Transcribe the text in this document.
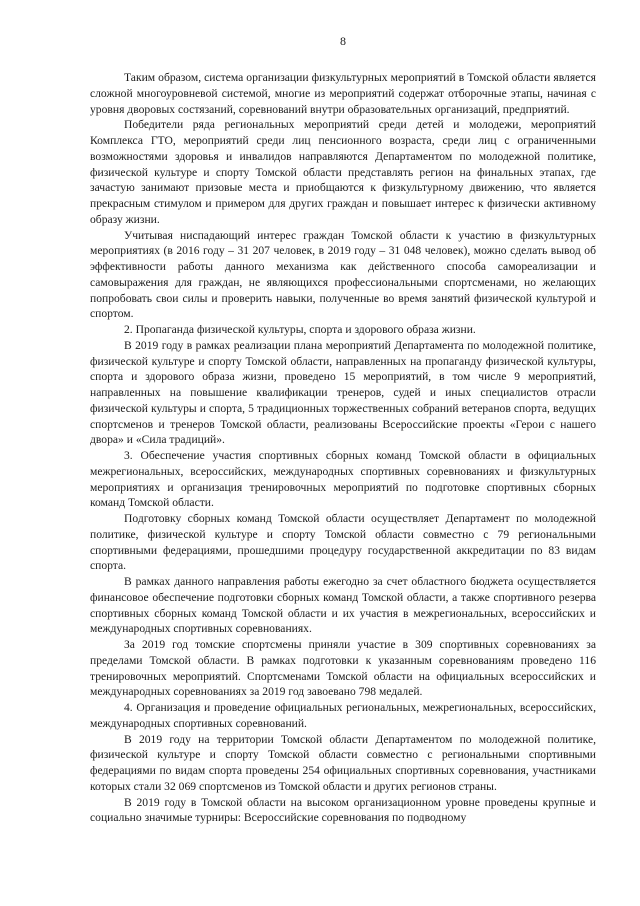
8

Таким образом, система организации физкультурных мероприятий в Томской области является сложной многоуровневой системой, многие из мероприятий содержат отборочные этапы, начиная с уровня дворовых состязаний, соревнований внутри образовательных организаций, предприятий.

Победители ряда региональных мероприятий среди детей и молодежи, мероприятий Комплекса ГТО, мероприятий среди лиц пенсионного возраста, среди лиц с ограниченными возможностями здоровья и инвалидов направляются Департаментом по молодежной политике, физической культуре и спорту Томской области представлять регион на финальных этапах, где зачастую занимают призовые места и приобщаются к физкультурному движению, что является прекрасным стимулом и примером для других граждан и повышает интерес к физически активному образу жизни.

Учитывая ниспадающий интерес граждан Томской области к участию в физкультурных мероприятиях (в 2016 году – 31 207 человек, в 2019 году – 31 048 человек), можно сделать вывод об эффективности работы данного механизма как действенного способа самореализации и самовыражения для граждан, не являющихся профессиональными спортсменами, но желающих попробовать свои силы и проверить навыки, полученные во время занятий физической культурой и спортом.

2. Пропаганда физической культуры, спорта и здорового образа жизни.

В 2019 году в рамках реализации плана мероприятий Департамента по молодежной политике, физической культуре и спорту Томской области, направленных на пропаганду физической культуры, спорта и здорового образа жизни, проведено 15 мероприятий, в том числе 9 мероприятий, направленных на повышение квалификации тренеров, судей и иных специалистов отрасли физической культуры и спорта, 5 традиционных торжественных собраний ветеранов спорта, ведущих спортсменов и тренеров Томской области, реализованы Всероссийские проекты «Герои с нашего двора» и «Сила традиций».

3. Обеспечение участия спортивных сборных команд Томской области в официальных межрегиональных, всероссийских, международных спортивных соревнованиях и физкультурных мероприятиях и организация тренировочных мероприятий по подготовке спортивных сборных команд Томской области.

Подготовку сборных команд Томской области осуществляет Департамент по молодежной политике, физической культуре и спорту Томской области совместно с 79 региональными спортивными федерациями, прошедшими процедуру государственной аккредитации по 83 видам спорта.

В рамках данного направления работы ежегодно за счет областного бюджета осуществляется финансовое обеспечение подготовки сборных команд Томской области, а также спортивного резерва спортивных сборных команд Томской области и их участия в межрегиональных, всероссийских и международных спортивных соревнованиях.

За 2019 год томские спортсмены приняли участие в 309 спортивных соревнованиях за пределами Томской области. В рамках подготовки к указанным соревнованиям проведено 116 тренировочных мероприятий. Спортсменами Томской области на официальных всероссийских и международных соревнованиях за 2019 год завоевано 798 медалей.

4. Организация и проведение официальных региональных, межрегиональных, всероссийских, международных спортивных соревнований.

В 2019 году на территории Томской области Департаментом по молодежной политике, физической культуре и спорту Томской области совместно с региональными спортивными федерациями по видам спорта проведены 254 официальных спортивных соревнования, участниками которых стали 32 069 спортсменов из Томской области и других регионов страны.

В 2019 году в Томской области на высоком организационном уровне проведены крупные и социально значимые турниры: Всероссийские соревнования по подводному
